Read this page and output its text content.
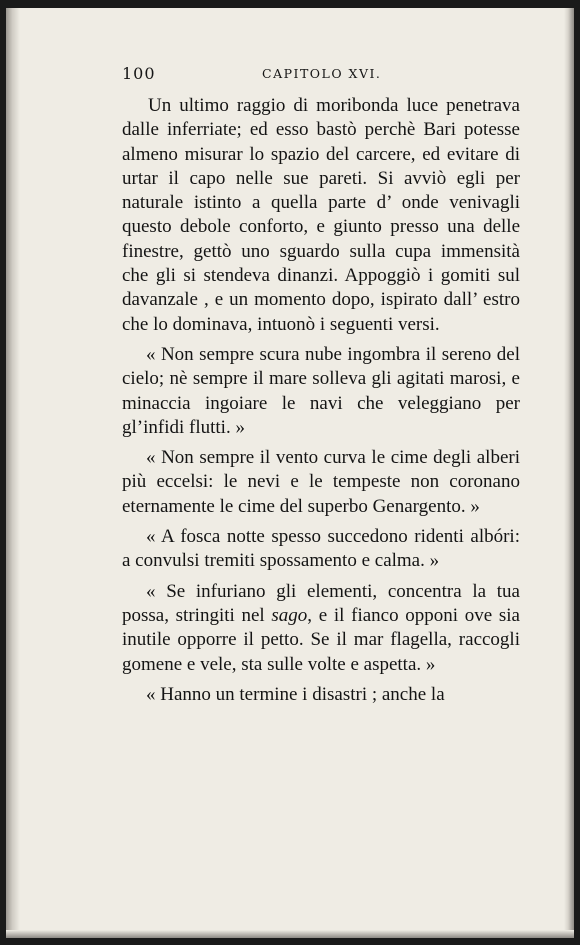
100	CAPITOLO XVI.

Un ultimo raggio di moribonda luce penetrava dalle inferriate; ed esso bastò perchè Bari potesse almeno misurar lo spazio del carcere, ed evitare di urtar il capo nelle sue pareti. Si avviò egli per naturale istinto a quella parte d’ onde venivagli questo debole conforto, e giunto presso una delle finestre, gettò uno sguardo sulla cupa immensità che gli si stendeva dinanzi. Appoggiò i gomiti sul davanzale , e un momento dopo, ispirato dall’ estro che lo dominava, intuonò i seguenti versi.

« Non sempre scura nube ingombra il sereno del cielo; nè sempre il mare solleva gli agitati marosi, e minaccia ingoiare le navi che veleggiano per gl’infidi flutti. »

« Non sempre il vento curva le cime degli alberi più eccelsi: le nevi e le tempeste non coronano eternamente le cime del superbo Genargento. »

« A fosca notte spesso succedono ridenti albóri: a convulsi tremiti spossamento e calma. »

« Se infuriano gli elementi, concentra la tua possa, stringiti nel sago, e il fianco opponi ove sia inutile opporre il petto. Se il mar flagella, raccogli gomene e vele, sta sulle volte e aspetta. »

« Hanno un termine i disastri ; anche la
